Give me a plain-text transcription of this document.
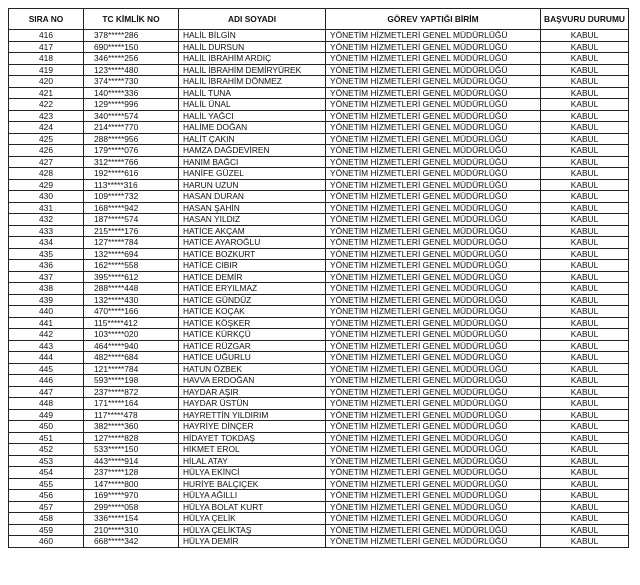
SIRA NO	TC KİMLİK NO	ADI SOYADI	GÖREV YAPTIĞI BİRİM	BAŞVURU DURUMU
416	378*****286	HALİL BİLGİN	YÖNETİM HİZMETLERİ GENEL MÜDÜRLÜĞÜ	KABUL
417	690*****150	HALİL DURSUN	YÖNETİM HİZMETLERİ GENEL MÜDÜRLÜĞÜ	KABUL
418	346*****256	HALİL İBRAHİM ARDIÇ	YÖNETİM HİZMETLERİ GENEL MÜDÜRLÜĞÜ	KABUL
419	123*****480	HALİL İBRAHİM DEMİRYÜREK	YÖNETİM HİZMETLERİ GENEL MÜDÜRLÜĞÜ	KABUL
420	374*****730	HALİL İBRAHİM DÖNMEZ	YÖNETİM HİZMETLERİ GENEL MÜDÜRLÜĞÜ	KABUL
421	140*****336	HALİL TUNA	YÖNETİM HİZMETLERİ GENEL MÜDÜRLÜĞÜ	KABUL
422	129*****996	HALİL ÜNAL	YÖNETİM HİZMETLERİ GENEL MÜDÜRLÜĞÜ	KABUL
423	340*****574	HALİL YAĞCI	YÖNETİM HİZMETLERİ GENEL MÜDÜRLÜĞÜ	KABUL
424	214*****770	HALİME DOĞAN	YÖNETİM HİZMETLERİ GENEL MÜDÜRLÜĞÜ	KABUL
425	288*****956	HALİT ÇAKIN	YÖNETİM HİZMETLERİ GENEL MÜDÜRLÜĞÜ	KABUL
426	179*****076	HAMZA DAĞDEVİREN	YÖNETİM HİZMETLERİ GENEL MÜDÜRLÜĞÜ	KABUL
427	312*****766	HANIM BAĞCI	YÖNETİM HİZMETLERİ GENEL MÜDÜRLÜĞÜ	KABUL
428	192*****616	HANİFE GÜZEL	YÖNETİM HİZMETLERİ GENEL MÜDÜRLÜĞÜ	KABUL
429	113*****316	HARUN UZUN	YÖNETİM HİZMETLERİ GENEL MÜDÜRLÜĞÜ	KABUL
430	109*****732	HASAN DURAN	YÖNETİM HİZMETLERİ GENEL MÜDÜRLÜĞÜ	KABUL
431	168*****942	HASAN ŞAHİN	YÖNETİM HİZMETLERİ GENEL MÜDÜRLÜĞÜ	KABUL
432	187*****574	HASAN YILDIZ	YÖNETİM HİZMETLERİ GENEL MÜDÜRLÜĞÜ	KABUL
433	215*****176	HATİCE AKÇAM	YÖNETİM HİZMETLERİ GENEL MÜDÜRLÜĞÜ	KABUL
434	127*****784	HATİCE AYAROĞLU	YÖNETİM HİZMETLERİ GENEL MÜDÜRLÜĞÜ	KABUL
435	132*****694	HATİCE BOZKURT	YÖNETİM HİZMETLERİ GENEL MÜDÜRLÜĞÜ	KABUL
436	162*****558	HATİCE CIBIR	YÖNETİM HİZMETLERİ GENEL MÜDÜRLÜĞÜ	KABUL
437	395*****612	HATİCE DEMİR	YÖNETİM HİZMETLERİ GENEL MÜDÜRLÜĞÜ	KABUL
438	288*****448	HATİCE ERYILMAZ	YÖNETİM HİZMETLERİ GENEL MÜDÜRLÜĞÜ	KABUL
439	132*****430	HATİCE GÜNDÜZ	YÖNETİM HİZMETLERİ GENEL MÜDÜRLÜĞÜ	KABUL
440	470*****166	HATİCE KOÇAK	YÖNETİM HİZMETLERİ GENEL MÜDÜRLÜĞÜ	KABUL
441	115*****412	HATİCE KÖŞKER	YÖNETİM HİZMETLERİ GENEL MÜDÜRLÜĞÜ	KABUL
442	103*****020	HATİCE KÜRKÇÜ	YÖNETİM HİZMETLERİ GENEL MÜDÜRLÜĞÜ	KABUL
443	464*****940	HATİCE RÜZGAR	YÖNETİM HİZMETLERİ GENEL MÜDÜRLÜĞÜ	KABUL
444	482*****684	HATİCE UĞURLU	YÖNETİM HİZMETLERİ GENEL MÜDÜRLÜĞÜ	KABUL
445	121*****784	HATUN ÖZBEK	YÖNETİM HİZMETLERİ GENEL MÜDÜRLÜĞÜ	KABUL
446	593*****198	HAVVA ERDOĞAN	YÖNETİM HİZMETLERİ GENEL MÜDÜRLÜĞÜ	KABUL
447	237*****872	HAYDAR AŞIR	YÖNETİM HİZMETLERİ GENEL MÜDÜRLÜĞÜ	KABUL
448	171*****164	HAYDAR ÜSTÜN	YÖNETİM HİZMETLERİ GENEL MÜDÜRLÜĞÜ	KABUL
449	117*****478	HAYRETTİN YILDIRIM	YÖNETİM HİZMETLERİ GENEL MÜDÜRLÜĞÜ	KABUL
450	382*****360	HAYRİYE DİNÇER	YÖNETİM HİZMETLERİ GENEL MÜDÜRLÜĞÜ	KABUL
451	127*****828	HİDAYET TOKDAŞ	YÖNETİM HİZMETLERİ GENEL MÜDÜRLÜĞÜ	KABUL
452	533*****150	HİKMET EROL	YÖNETİM HİZMETLERİ GENEL MÜDÜRLÜĞÜ	KABUL
453	443*****914	HİLAL ATAY	YÖNETİM HİZMETLERİ GENEL MÜDÜRLÜĞÜ	KABUL
454	237*****128	HÜLYA EKİNCİ	YÖNETİM HİZMETLERİ GENEL MÜDÜRLÜĞÜ	KABUL
455	147*****800	HURİYE BALÇIÇEK	YÖNETİM HİZMETLERİ GENEL MÜDÜRLÜĞÜ	KABUL
456	169*****970	HÜLYA AĞILLI	YÖNETİM HİZMETLERİ GENEL MÜDÜRLÜĞÜ	KABUL
457	299*****058	HÜLYA BOLAT KURT	YÖNETİM HİZMETLERİ GENEL MÜDÜRLÜĞÜ	KABUL
458	336*****154	HÜLYA ÇELİK	YÖNETİM HİZMETLERİ GENEL MÜDÜRLÜĞÜ	KABUL
459	210*****310	HÜLYA ÇELİKTAŞ	YÖNETİM HİZMETLERİ GENEL MÜDÜRLÜĞÜ	KABUL
460	668*****342	HÜLYA DEMİR	YÖNETİM HİZMETLERİ GENEL MÜDÜRLÜĞÜ	KABUL
